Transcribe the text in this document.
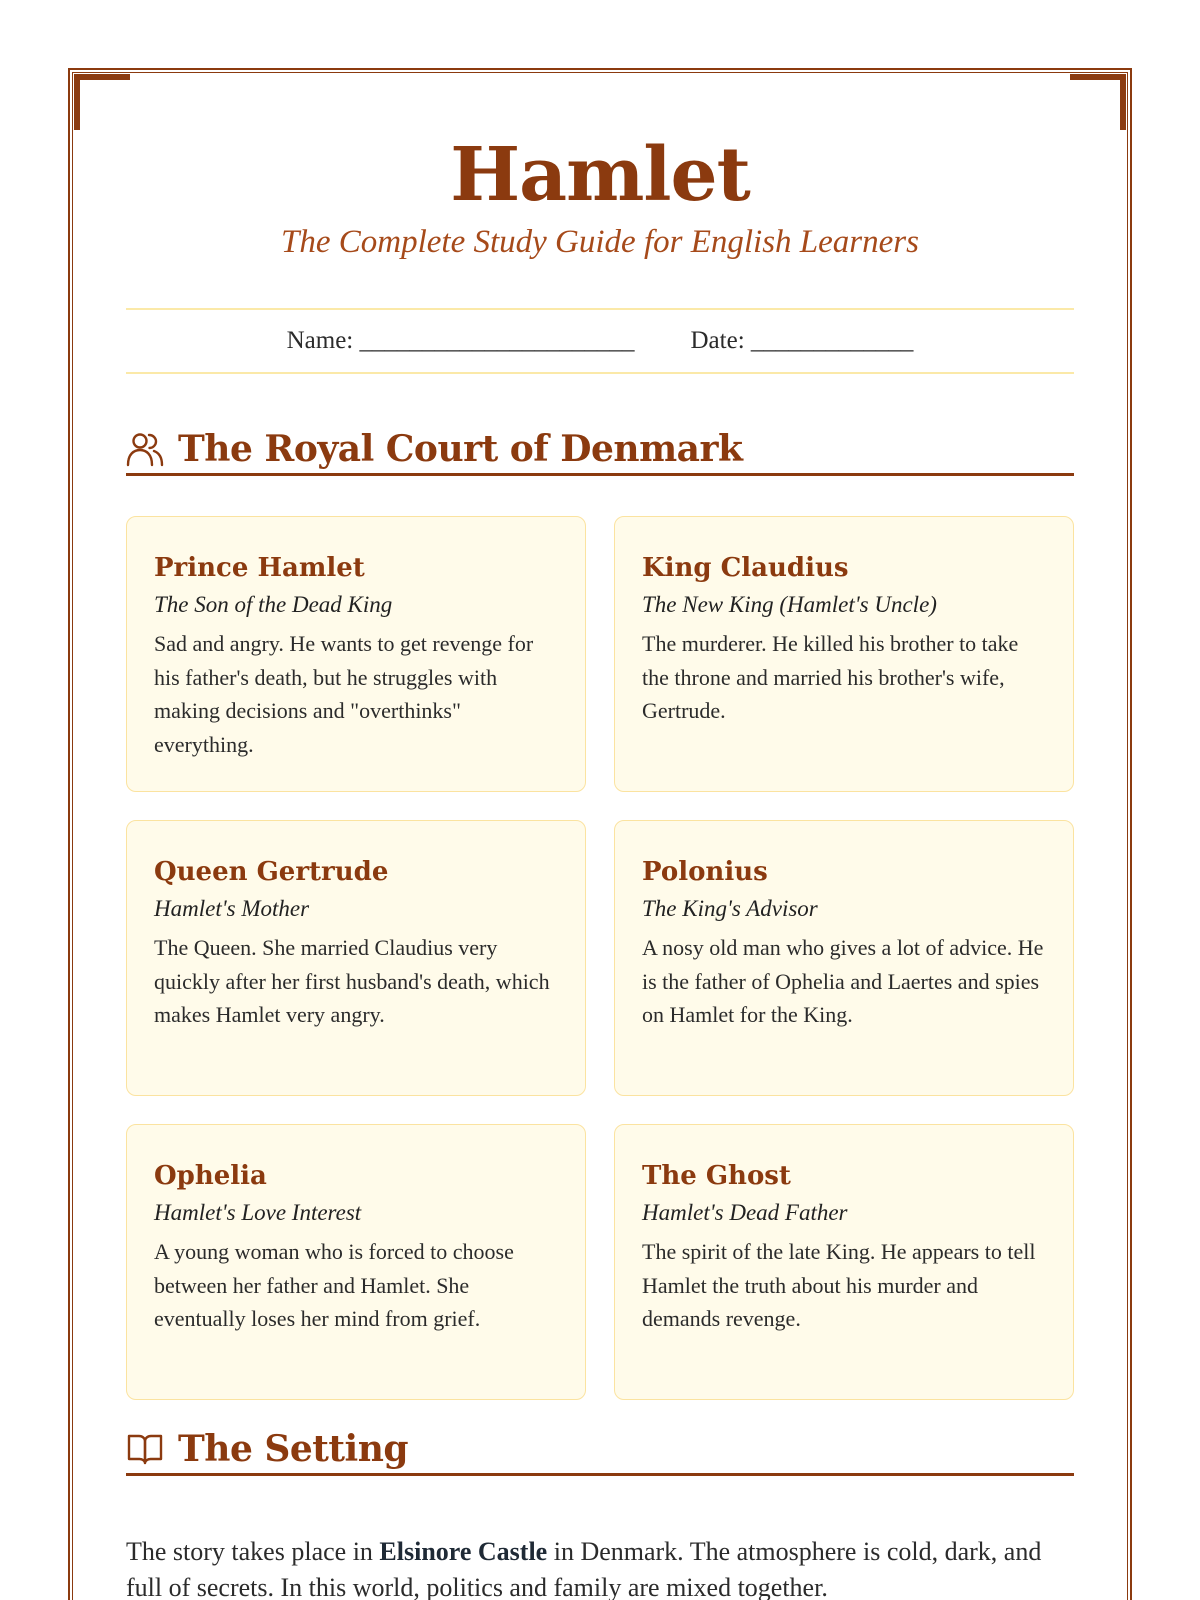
Hamlet
The Complete Study Guide for English Learners
Name: ______________________ Date: _____________
The Royal Court of Denmark
Prince Hamlet
The Son of the Dead King

Sad and angry. He wants to get revenge for his father's death, but he struggles with making decisions and "overthinks" everything.

King Claudius
The New King (Hamlet's Uncle)

The murderer. He killed his brother to take the throne and married his brother's wife, Gertrude.

Queen Gertrude
Hamlet's Mother

The Queen. She married Claudius very quickly after her first husband's death, which makes Hamlet very angry.

Polonius
The King's Advisor

A nosy old man who gives a lot of advice. He is the father of Ophelia and Laertes and spies on Hamlet for the King.

Ophelia
Hamlet's Love Interest

A young woman who is forced to choose between her father and Hamlet. She eventually loses her mind from grief.

The Ghost
Hamlet's Dead Father

The spirit of the late King. He appears to tell Hamlet the truth about his murder and demands revenge.

The Setting

The story takes place in Elsinore Castle in Denmark. The atmosphere is cold, dark, and full of secrets. In this world, politics and family are mixed together.
